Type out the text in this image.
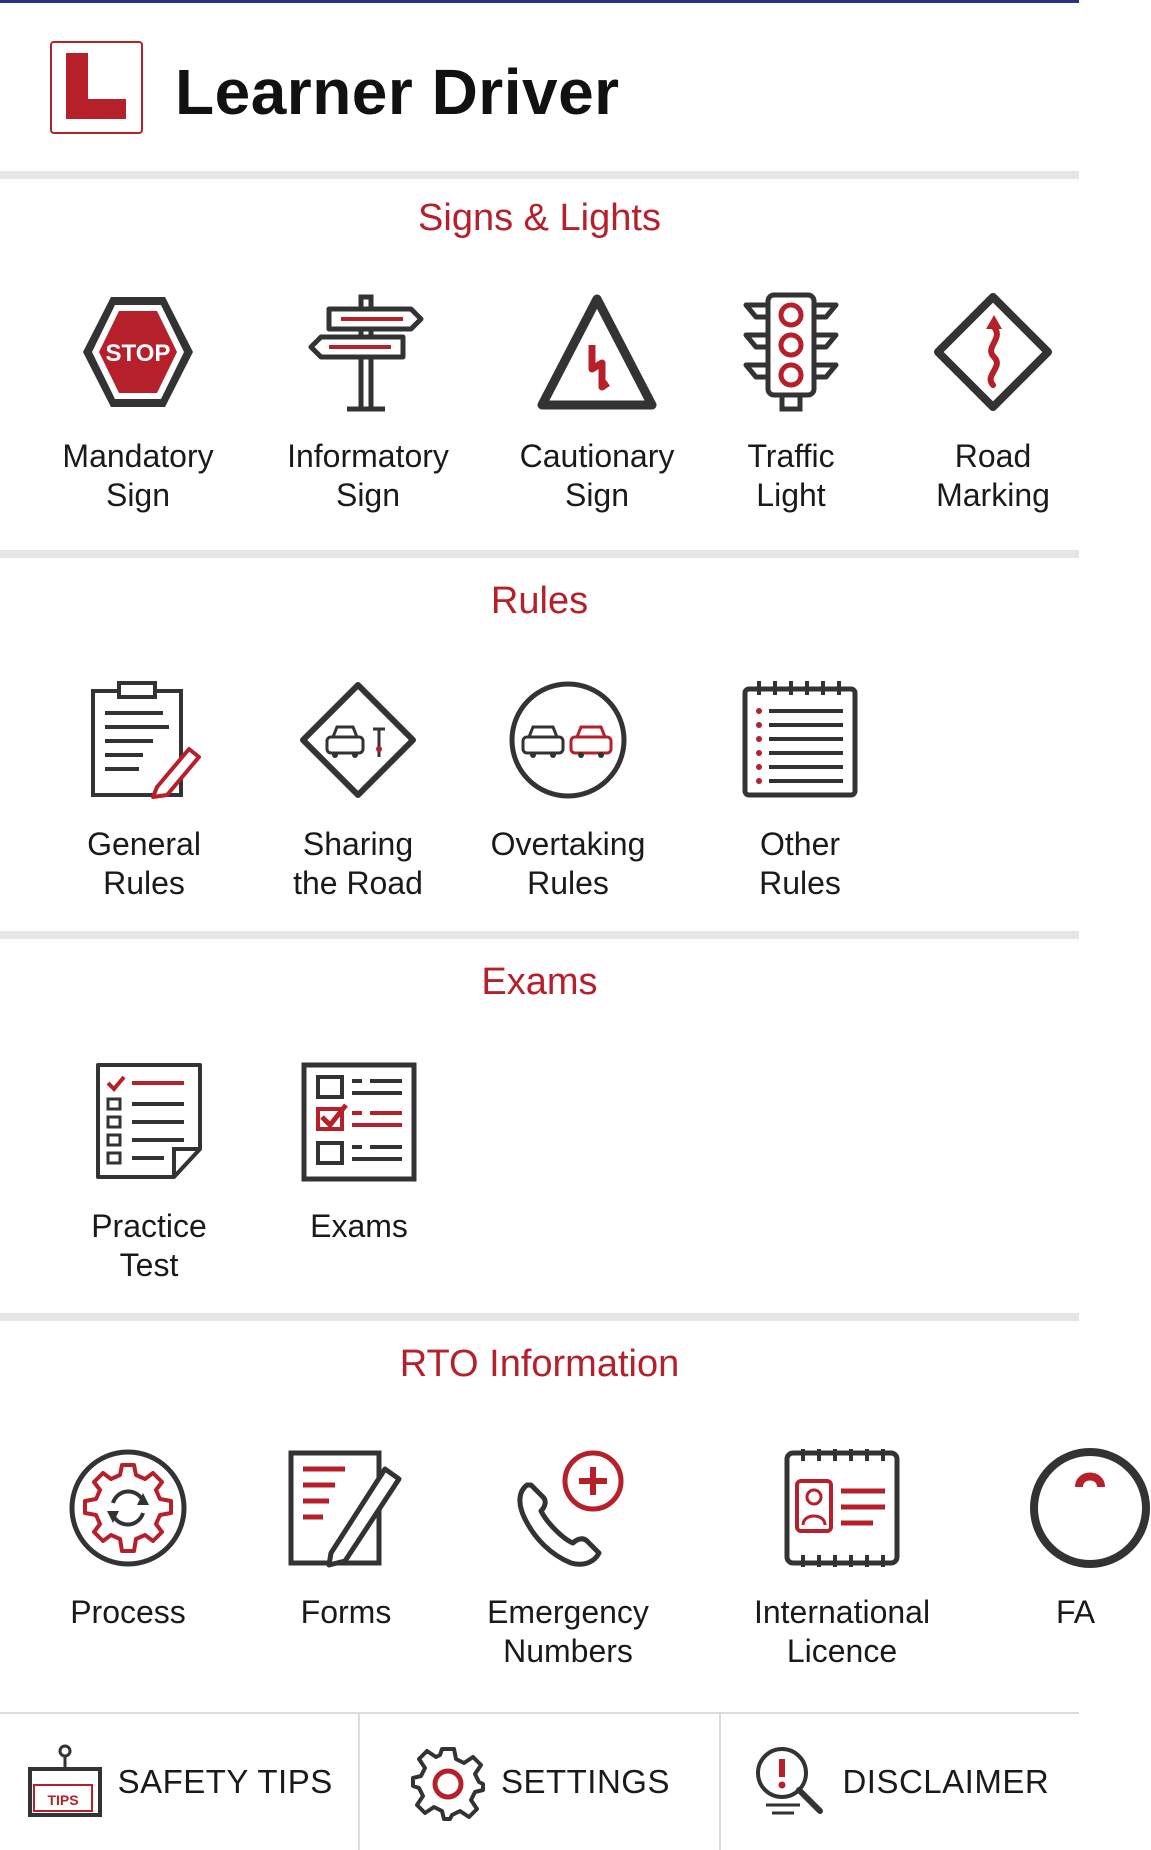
Learner Driver
Signs & Lights
STOP
Mandatory
Sign
Informatory
Sign
Cautionary
Sign
Traffic
Light
Road
Marking
Rules
General
Rules
Sharing
the Road
Overtaking
Rules
Other
Rules
Exams
Practice
Test
Exams

RTO Information
Process	Forms	Emergency
Numbers
International
Licence
FA
TIPS SAFETY TIPS	SETTINGS	DISCLAIMER
